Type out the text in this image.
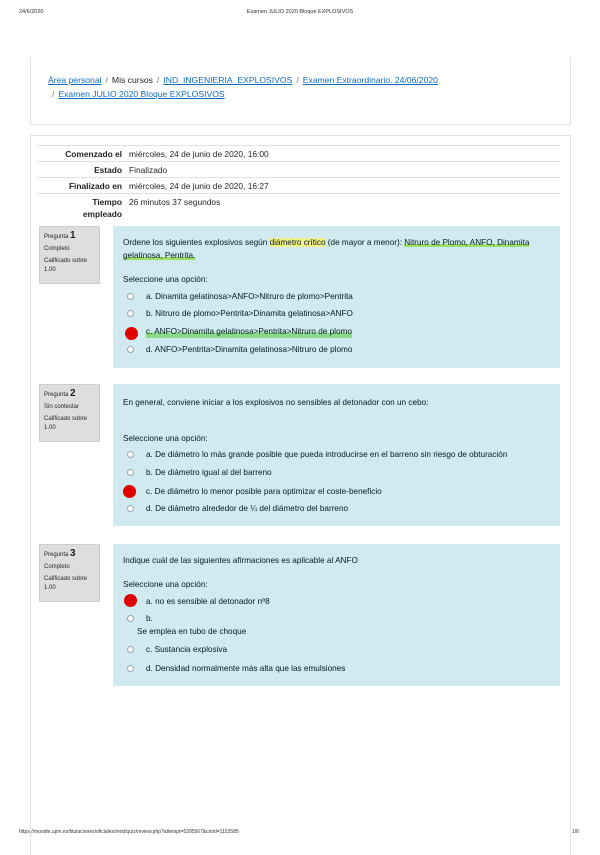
24/6/2020	Examen JULIO 2020 Bloque EXPLOSIVOS
https://moodle.upm.es/titulaciones/oficiales/mod/quiz/review.php?attempt=5395567&cmid=1153585	1/6
Área personal / Mis cursos / IND_INGENIERIA_EXPLOSIVOS / Examen Extraordinario. 24/06/2020
/ Examen JULIO 2020 Bloque EXPLOSIVOS
Comenzado el miércoles, 24 de junio de 2020, 16:00
Estado Finalizado
Finalizado en miércoles, 24 de junio de 2020, 16:27
Tiempo
empleado
26 minutos 37 segundos
Pregunta 1
Completo
Calificado sobre
1.00
Ordene los siguientes explosivos según diámetro crítico (de mayor a menor): Nitruro de Plomo, ANFO, Dinamita
gelatinosa, Pentrita.
Seleccione una opción:
a. Dinamita gelatinosa>ANFO>Nitruro de plomo>Pentrita
b. Nitruro de plomo>Pentrita>Dinamita gelatinosa>ANFO
c. ANFO>Dinamita gelatinosa>Pentrita>Nitruro de plomo
d. ANFO>Pentrita>Dinamita gelatinosa>Nitruro de plomo
Pregunta 2
Sin contestar
Calificado sobre
1.00
En general, conviene iniciar a los explosivos no sensibles al detonador con un cebo:
Seleccione una opción:
a. De diámetro lo más grande posible que pueda introducirse en el barreno sin riesgo de obturación
b. De diámetro igual al del barreno
c. De diámetro lo menor posible para optimizar el coste-beneficio
d. De diámetro alrededor de ¼ del diámetro del barreno
Pregunta 3
Completo
Calificado sobre
1.00
Indique cuál de las siguientes afirmaciones es aplicable al ANFO
Seleccione una opción:
a. no es sensible al detonador nº8
b.
Se emplea en tubo de choque
c. Sustancia explosiva
d. Densidad normalmente más alta que las emulsiones
